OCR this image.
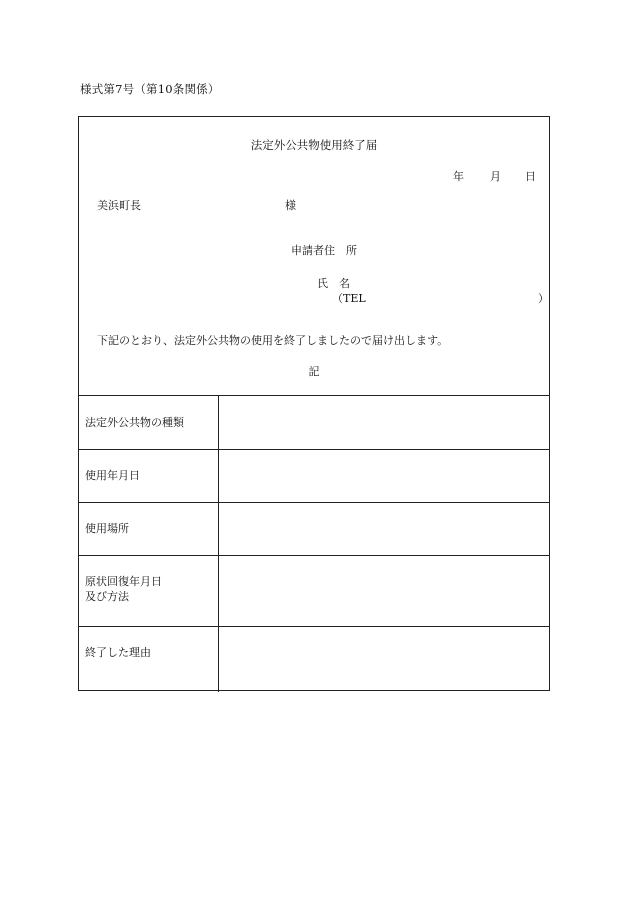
様式第7号（第10条関係）
法定外公共物使用終了届
年 月 日
美浜町長	様
申請者住　所
氏　名
（TEL	）
下記のとおり、法定外公共物の使用を終了しましたので届け出します。
記
法定外公共物の種類	

使用年月日	

使用場所	

原状回復年月日
及び方法	

終了した理由	
